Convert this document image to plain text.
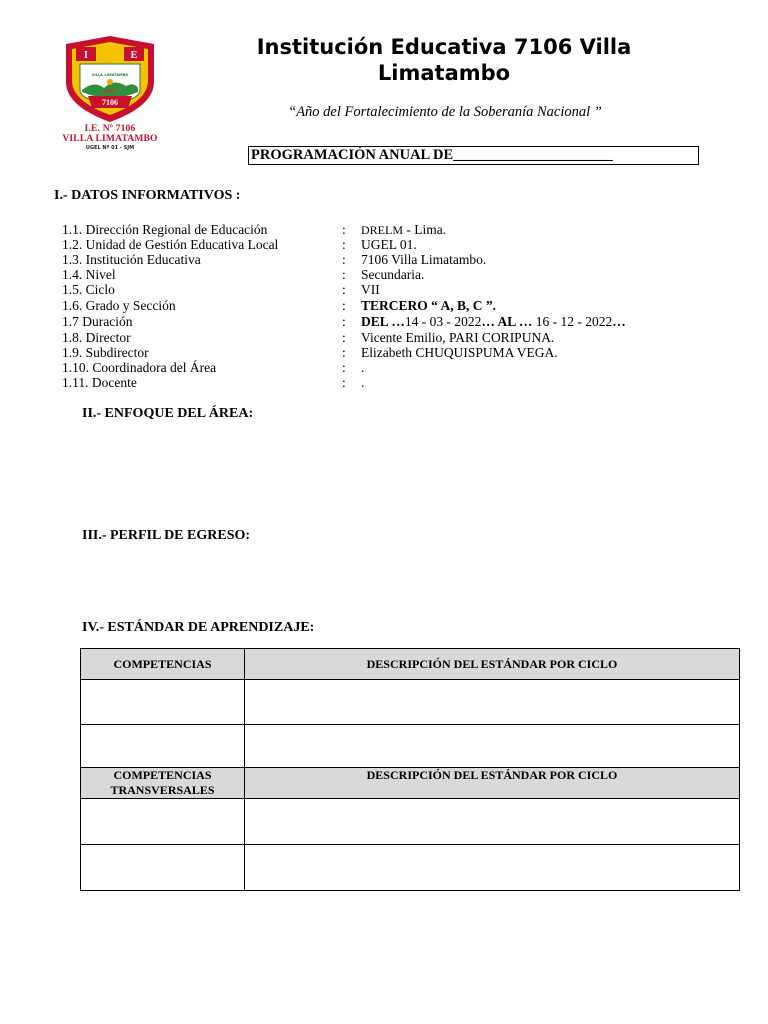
I	E
VILLA LIMATAMBO
7106
I.E. Nº 7106
VILLA LIMATAMBO
UGEL Nº 01 - SJM
Institución Educativa 7106 Villa Limatambo
“Año del Fortalecimiento de la Soberanía Nacional ”
PROGRAMACIÓN ANUAL DE______________________
I.- DATOS INFORMATIVOS :
1.1. Dirección Regional de Educación	: DRELM - Lima.
1.2. Unidad de Gestión Educativa Local	: UGEL 01.
1.3. Institución Educativa	: 7106 Villa Limatambo.
1.4. Nivel	: Secundaria.
1.5. Ciclo	: VII
1.6. Grado y Sección	: TERCERO “ A, B, C ”.
1.7 Duración	: DEL …14 - 03 - 2022… AL … 16 - 12 - 2022…
1.8. Director	: Vicente Emilio, PARI CORIPUNA.
1.9. Subdirector	: Elizabeth CHUQUISPUMA VEGA.
1.10. Coordinadora del Área	: .
1.11. Docente	: .
II.- ENFOQUE DEL ÁREA:
III.- PERFIL DE EGRESO:
IV.- ESTÁNDAR DE APRENDIZAJE:
COMPETENCIAS	DESCRIPCIÓN DEL ESTÁNDAR POR CICLO

COMPETENCIAS TRANSVERSALES	DESCRIPCIÓN DEL ESTÁNDAR POR CICLO
